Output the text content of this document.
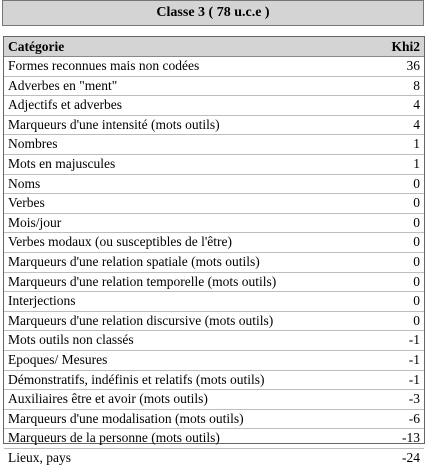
Classe 3 ( 78 u.c.e )
Catégorie	Khi2
Formes reconnues mais non codées	36
Adverbes en "ment"	8
Adjectifs et adverbes	4
Marqueurs d'une intensité (mots outils)	4
Nombres	1
Mots en majuscules	1
Noms	0
Verbes	0
Mois/jour	0
Verbes modaux (ou susceptibles de l'être)	0
Marqueurs d'une relation spatiale (mots outils)	0
Marqueurs d'une relation temporelle (mots outils)	0
Interjections	0
Marqueurs d'une relation discursive (mots outils)	0
Mots outils non classés	-1
Epoques/ Mesures	-1
Démonstratifs, indéfinis et relatifs (mots outils)	-1
Auxiliaires être et avoir (mots outils)	-3
Marqueurs d'une modalisation (mots outils)	-6
Marqueurs de la personne (mots outils)	-13
Lieux, pays	-24
